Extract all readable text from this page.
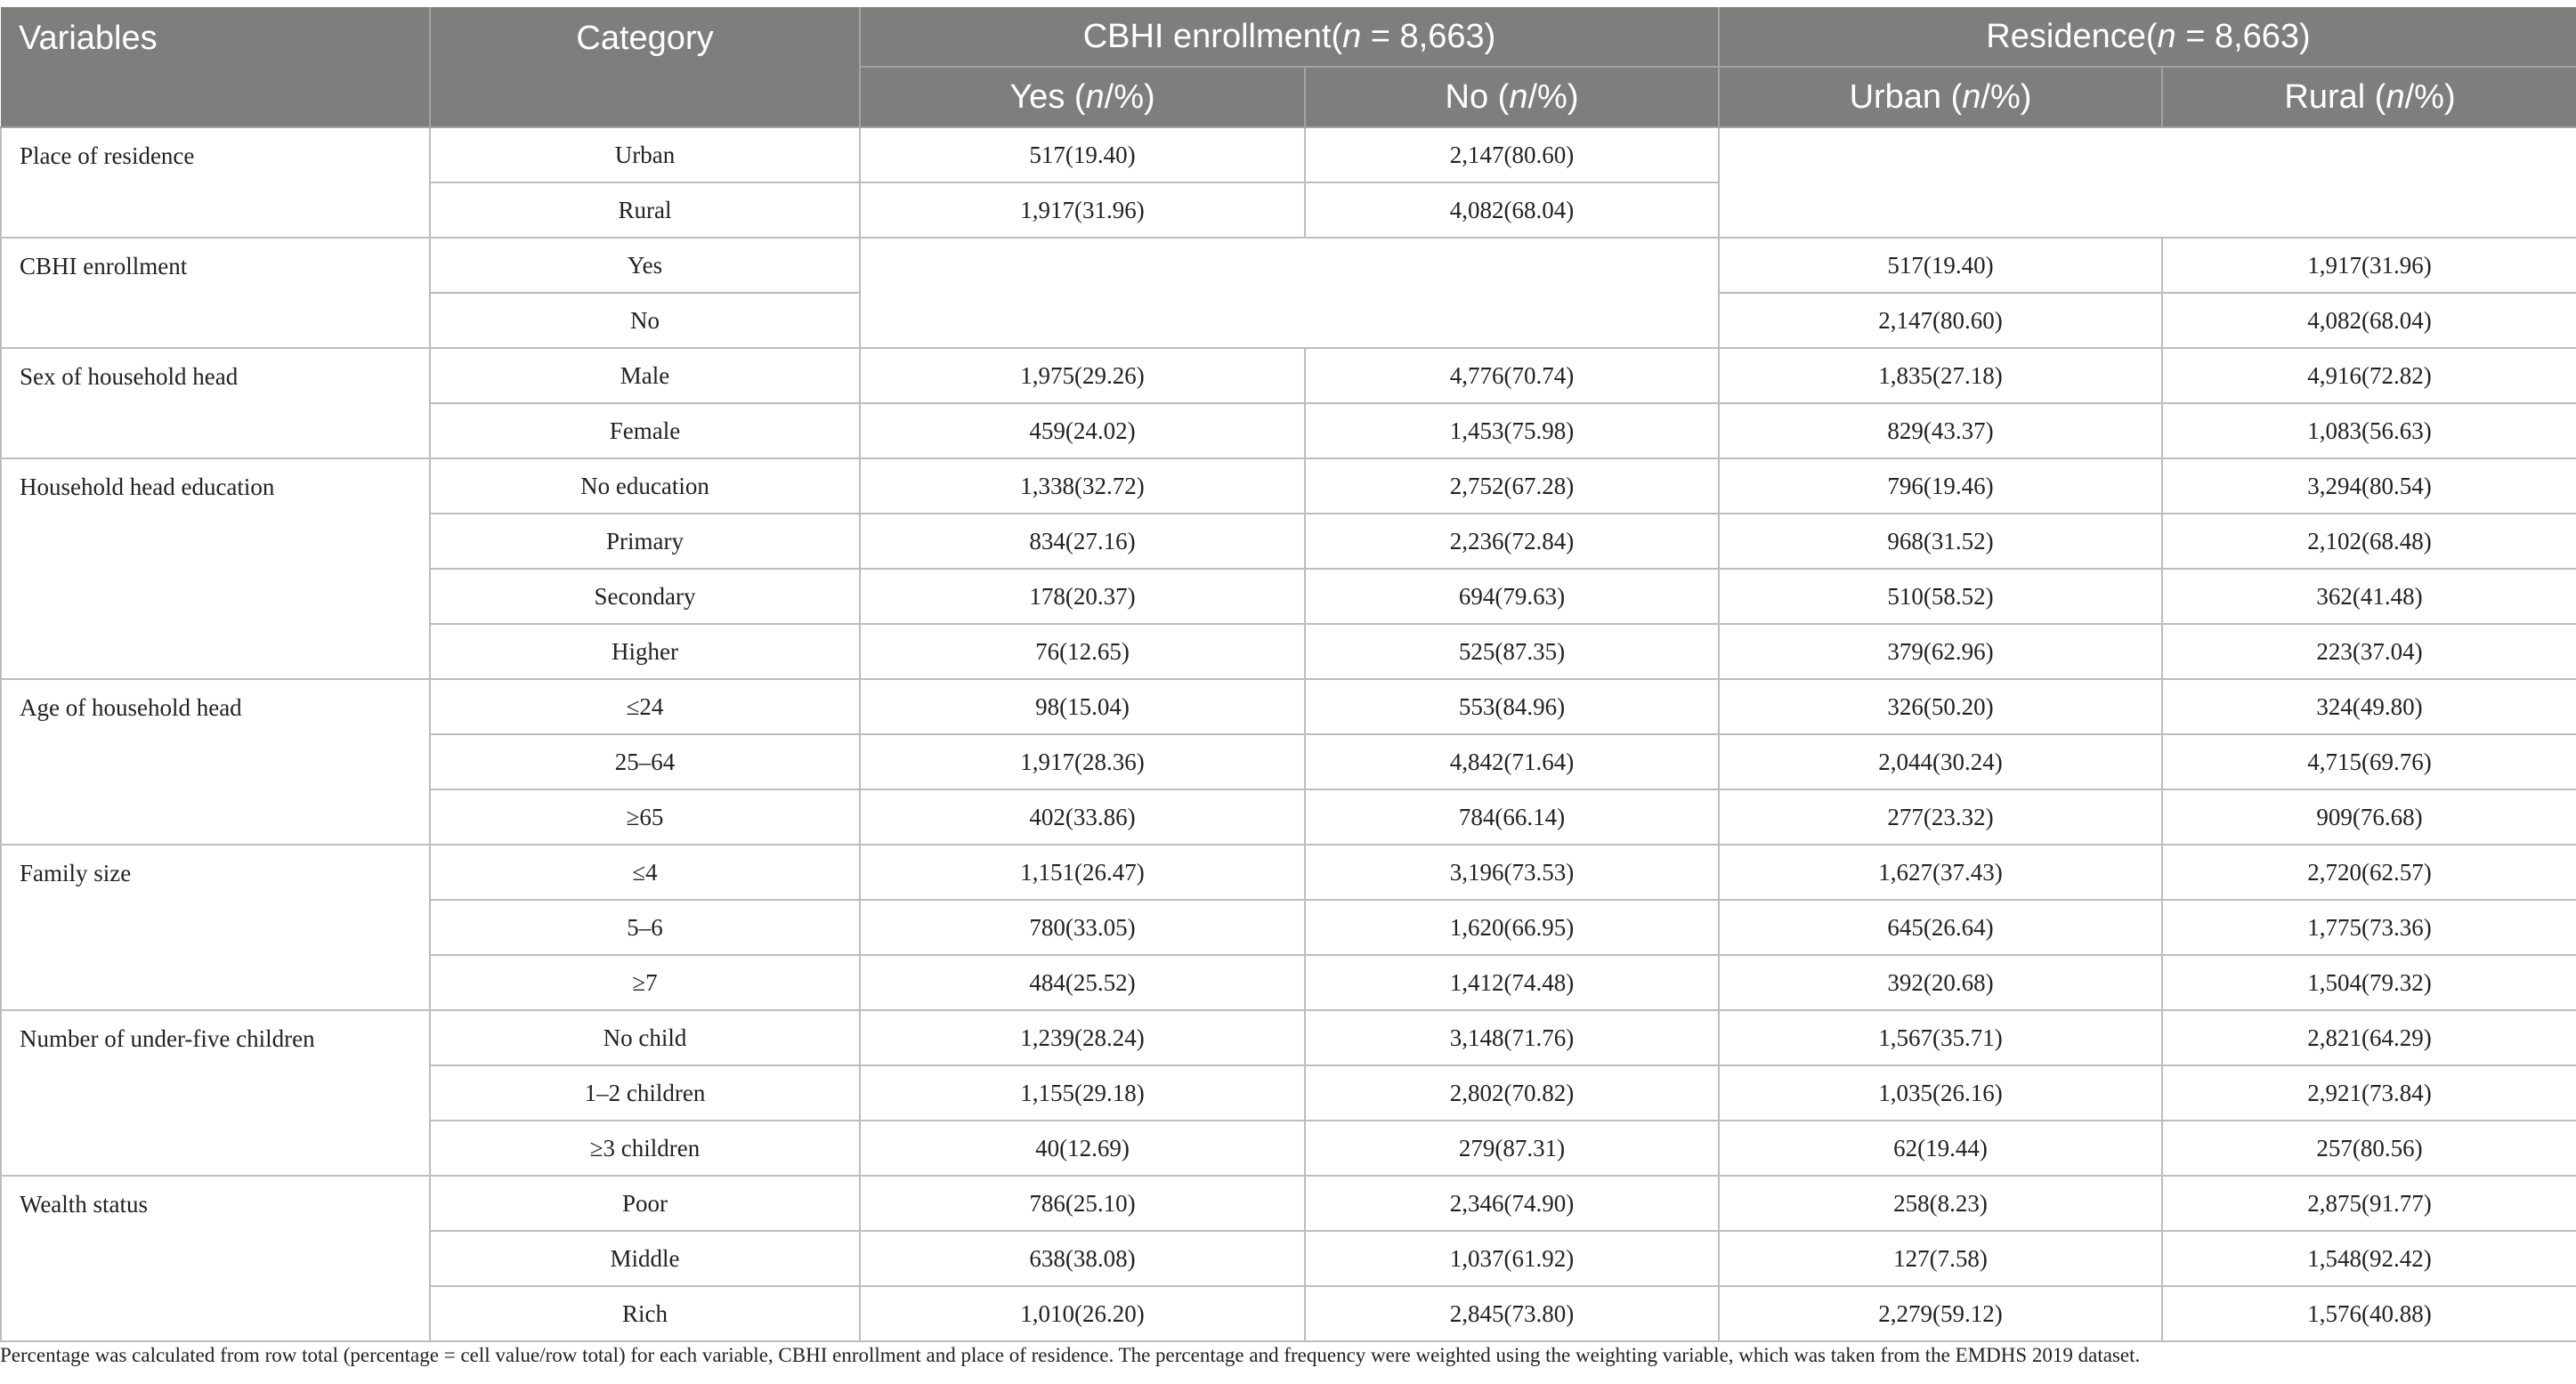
Variables	Category	CBHI enrollment(n = 8,663)		Residence(n = 8,663)	
		Yes (n/%)	No (n/%)	Urban (n/%)	Rural (n/%)
Place of residence	Urban	517(19.40)	2,147(80.60)		
	Rural	1,917(31.96)	4,082(68.04)		
CBHI enrollment	Yes			517(19.40)	1,917(31.96)
	No			2,147(80.60)	4,082(68.04)
Sex of household head	Male	1,975(29.26)	4,776(70.74)	1,835(27.18)	4,916(72.82)
	Female	459(24.02)	1,453(75.98)	829(43.37)	1,083(56.63)
Household head education	No education	1,338(32.72)	2,752(67.28)	796(19.46)	3,294(80.54)
	Primary	834(27.16)	2,236(72.84)	968(31.52)	2,102(68.48)
	Secondary	178(20.37)	694(79.63)	510(58.52)	362(41.48)
	Higher	76(12.65)	525(87.35)	379(62.96)	223(37.04)
Age of household head	≤24	98(15.04)	553(84.96)	326(50.20)	324(49.80)
	25–64	1,917(28.36)	4,842(71.64)	2,044(30.24)	4,715(69.76)
	≥65	402(33.86)	784(66.14)	277(23.32)	909(76.68)
Family size	≤4	1,151(26.47)	3,196(73.53)	1,627(37.43)	2,720(62.57)
	5–6	780(33.05)	1,620(66.95)	645(26.64)	1,775(73.36)
	≥7	484(25.52)	1,412(74.48)	392(20.68)	1,504(79.32)
Number of under-five children	No child	1,239(28.24)	3,148(71.76)	1,567(35.71)	2,821(64.29)
	1–2 children	1,155(29.18)	2,802(70.82)	1,035(26.16)	2,921(73.84)
	≥3 children	40(12.69)	279(87.31)	62(19.44)	257(80.56)
Wealth status	Poor	786(25.10)	2,346(74.90)	258(8.23)	2,875(91.77)
	Middle	638(38.08)	1,037(61.92)	127(7.58)	1,548(92.42)
	Rich	1,010(26.20)	2,845(73.80)	2,279(59.12)	1,576(40.88)
Percentage was calculated from row total (percentage = cell value/row total) for each variable, CBHI enrollment and place of residence. The percentage and frequency were weighted using the weighting variable, which was taken from the EMDHS 2019 dataset.
